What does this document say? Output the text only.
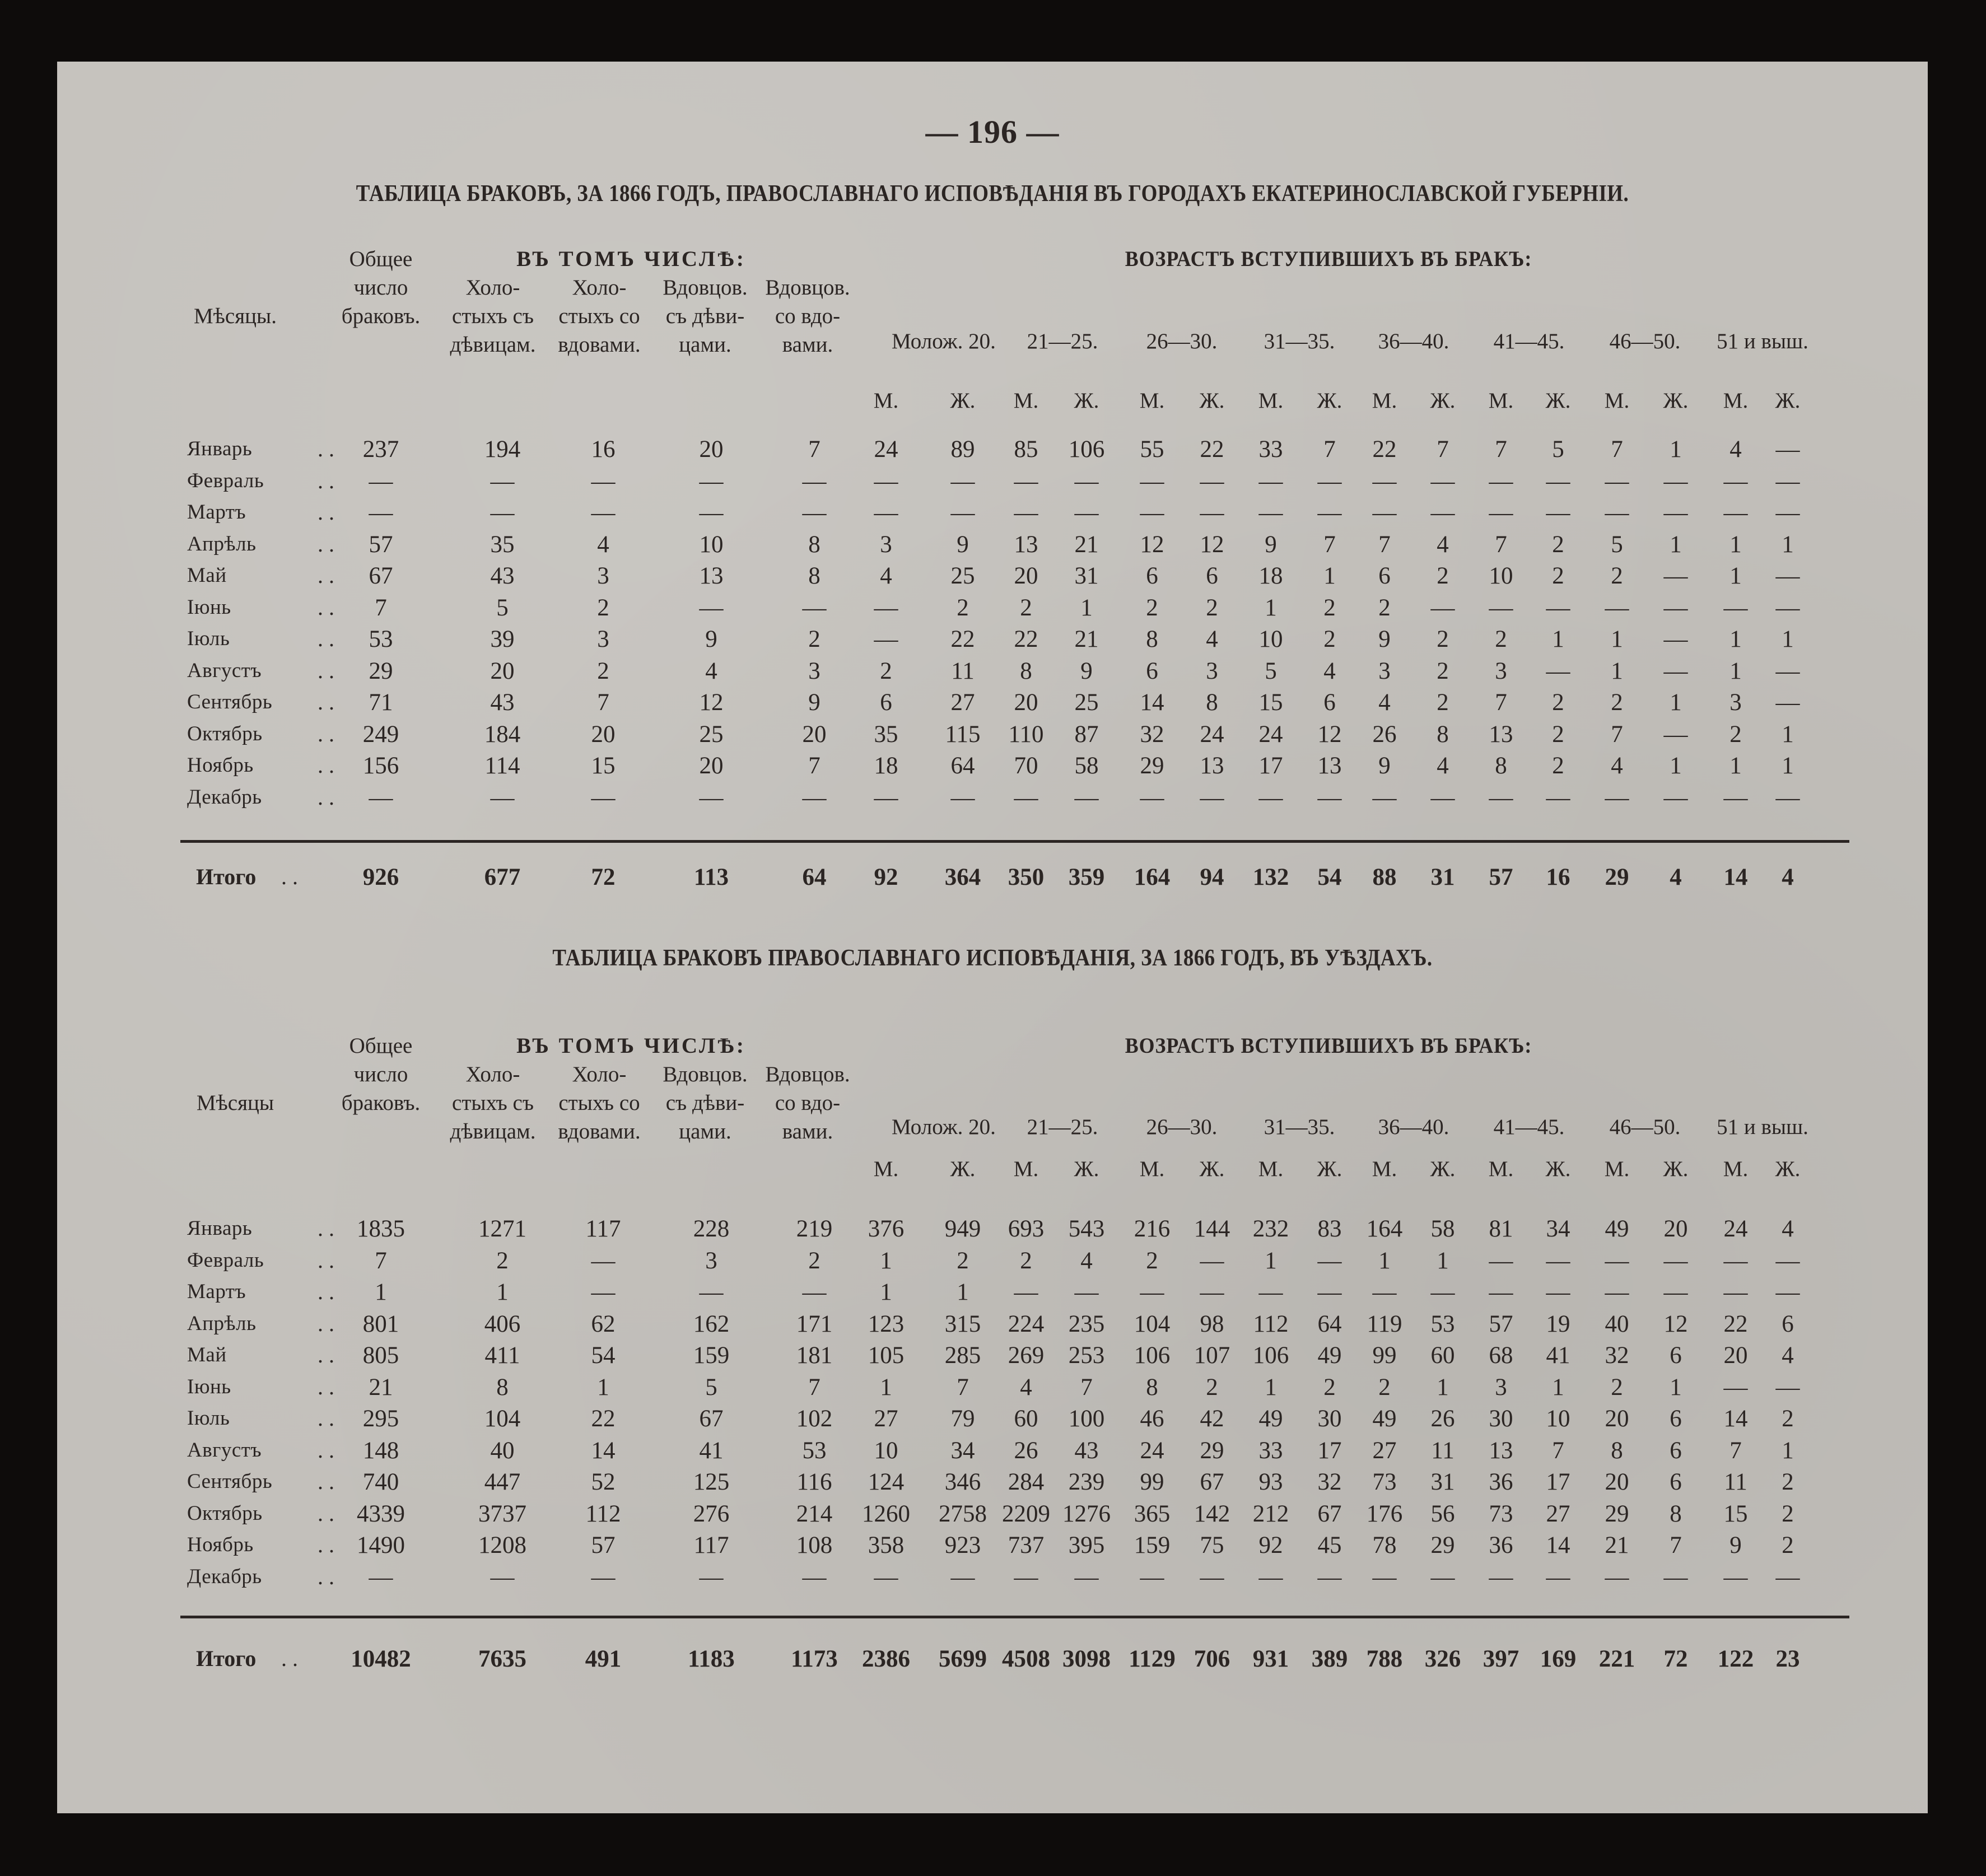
— 196 —
ТАБЛИЦА БРАКОВЪ, ЗА 1866 ГОДЪ, ПРАВОСЛАВНАГО ИСПОВѢДАНІЯ ВЪ ГОРОДАХЪ ЕКАТЕРИНОСЛАВСКОЙ ГУБЕРНІИ.
Общее
число
браковъ.
Мѣсяцы.
ВЪ ТОМЪ ЧИСЛѢ:
Холо-
стыхъ съ
дѣвицам.
Холо-
стыхъ со
вдовами.
Вдовцов.
съ дѣви-
цами.
Вдовцов.
со вдо-
вами.
ВОЗРАСТЪ ВСТУПИВШИХЪ ВЪ БРАКЪ:
Молож. 20. 21—25. 26—30. 31—35. 36—40. 41—45. 46—50. 51 и выш.
М. Ж. М. Ж. М. Ж. М. Ж. М. Ж. М. Ж. М. Ж. М. Ж.
Январь	. . 237	194	16	20	7 24 89 85 106 55 22 33 7 22 7 7 5 7 1 4 —
Февраль . . —	—	—	—	— — — — — — — — — — — — — — — — —
Мартъ	. . —	—	—	—	— — — — — — — — — — — — — — — — —
Апрѣль	. . 57	35	4	10	8 3	9 13 21 12 12 9 7 7 4 7 2 5 1 1 1
Май	. . 67	43	3	13	8 4 25 20 31 6 6 18 1 6 2 10 2 2 — 1 —
Іюнь	. . 7	5	2	—	— — 2 2 1 2 2 1 2 2 — — — — — — —
Іюль	. . 53	39	3	9	2 — 22 22 21 8 4 10 2 9 2 2 1 1 — 1 1
Августъ . . 29	20	2	4	3 2 11 8 9 6 3 5 4 3 2 3 — 1 — 1 —
Сентябрь . . 71	43	7	12	9 6 27 20 25 14 8 15 6 4 2 7 2 2 1 3 —
Октябрь . . 249	184	20	25	20 35 115 110 87 32 24 24 12 26 8 13 2 7 — 2 1
Ноябрь	. . 156	114	15	20	7 18 64 70 58 29 13 17 13 9 4 8 2 4 1 1 1
Декабрь . . —	—	—	—	— — — — — — — — — — — — — — — — —
Итого . .	926	677	72	113	64 92 364 350 359 164 94 132 54 88 31 57 16 29 4 14 4
ТАБЛИЦА БРАКОВЪ ПРАВОСЛАВНАГО ИСПОВѢДАНІЯ, ЗА 1866 ГОДЪ, ВЪ УѢЗДАХЪ.
Общее
число
браковъ.
Мѣсяцы
ВЪ ТОМЪ ЧИСЛѢ:
Холо-
стыхъ съ
дѣвицам.
Холо-
стыхъ со
вдовами.
Вдовцов.
съ дѣви-
цами.
Вдовцов.
со вдо-
вами.
ВОЗРАСТЪ ВСТУПИВШИХЪ ВЪ БРАКЪ:
Молож. 20. 21—25. 26—30. 31—35. 36—40. 41—45. 46—50. 51 и выш.
М. Ж. М. Ж. М. Ж. М. Ж. М. Ж. М. Ж. М. Ж. М. Ж.
Январь	. . 1835	1271 117	228	219 376 949 693 543 216 144 232 83 164 58 81 34 49 20 24 4
Февраль . . 7	2	—	3	2 1	2 2 4 2 — 1 — 1 1 — — — — — —
Мартъ	. . 1	1	—	—	— 1	1 — — — — — — — — — — — — — —
Апрѣль	. . 801	406	62	162	171 123 315 224 235 104 98 112 64 119 53 57 19 40 12 22 6
Май	. . 805	411	54	159	181 105 285 269 253 106 107 106 49 99 60 68 41 32 6 20 4
Іюнь	. . 21	8	1	5	7 1	7 4 7 8 2 1 2 2 1 3 1 2 1 — —
Іюль	. . 295	104	22	67	102 27 79 60 100 46 42 49 30 49 26 30 10 20 6 14 2
Августъ . . 148	40	14	41	53 10 34 26 43 24 29 33 17 27 11 13 7 8 6 7 1
Сентябрь . . 740	447	52	125	116 124 346 284 239 99 67 93 32 73 31 36 17 20 6 11 2
Октябрь . . 4339	3737 112	276	214 1260 2758 2209 1276 365 142 212 67 176 56 73 27 29 8 15 2
Ноябрь	. . 1490	1208	57	117	108 358 923 737 395 159 75 92 45 78 29 36 14 21 7 9 2
Декабрь . . —	—	—	—	— — — — — — — — — — — — — — — — —
Итого . . 10482	7635 491	1183 1173 2386 5699 4508 3098 1129 706 931 389 788 326 397 169 221 72 122 23
